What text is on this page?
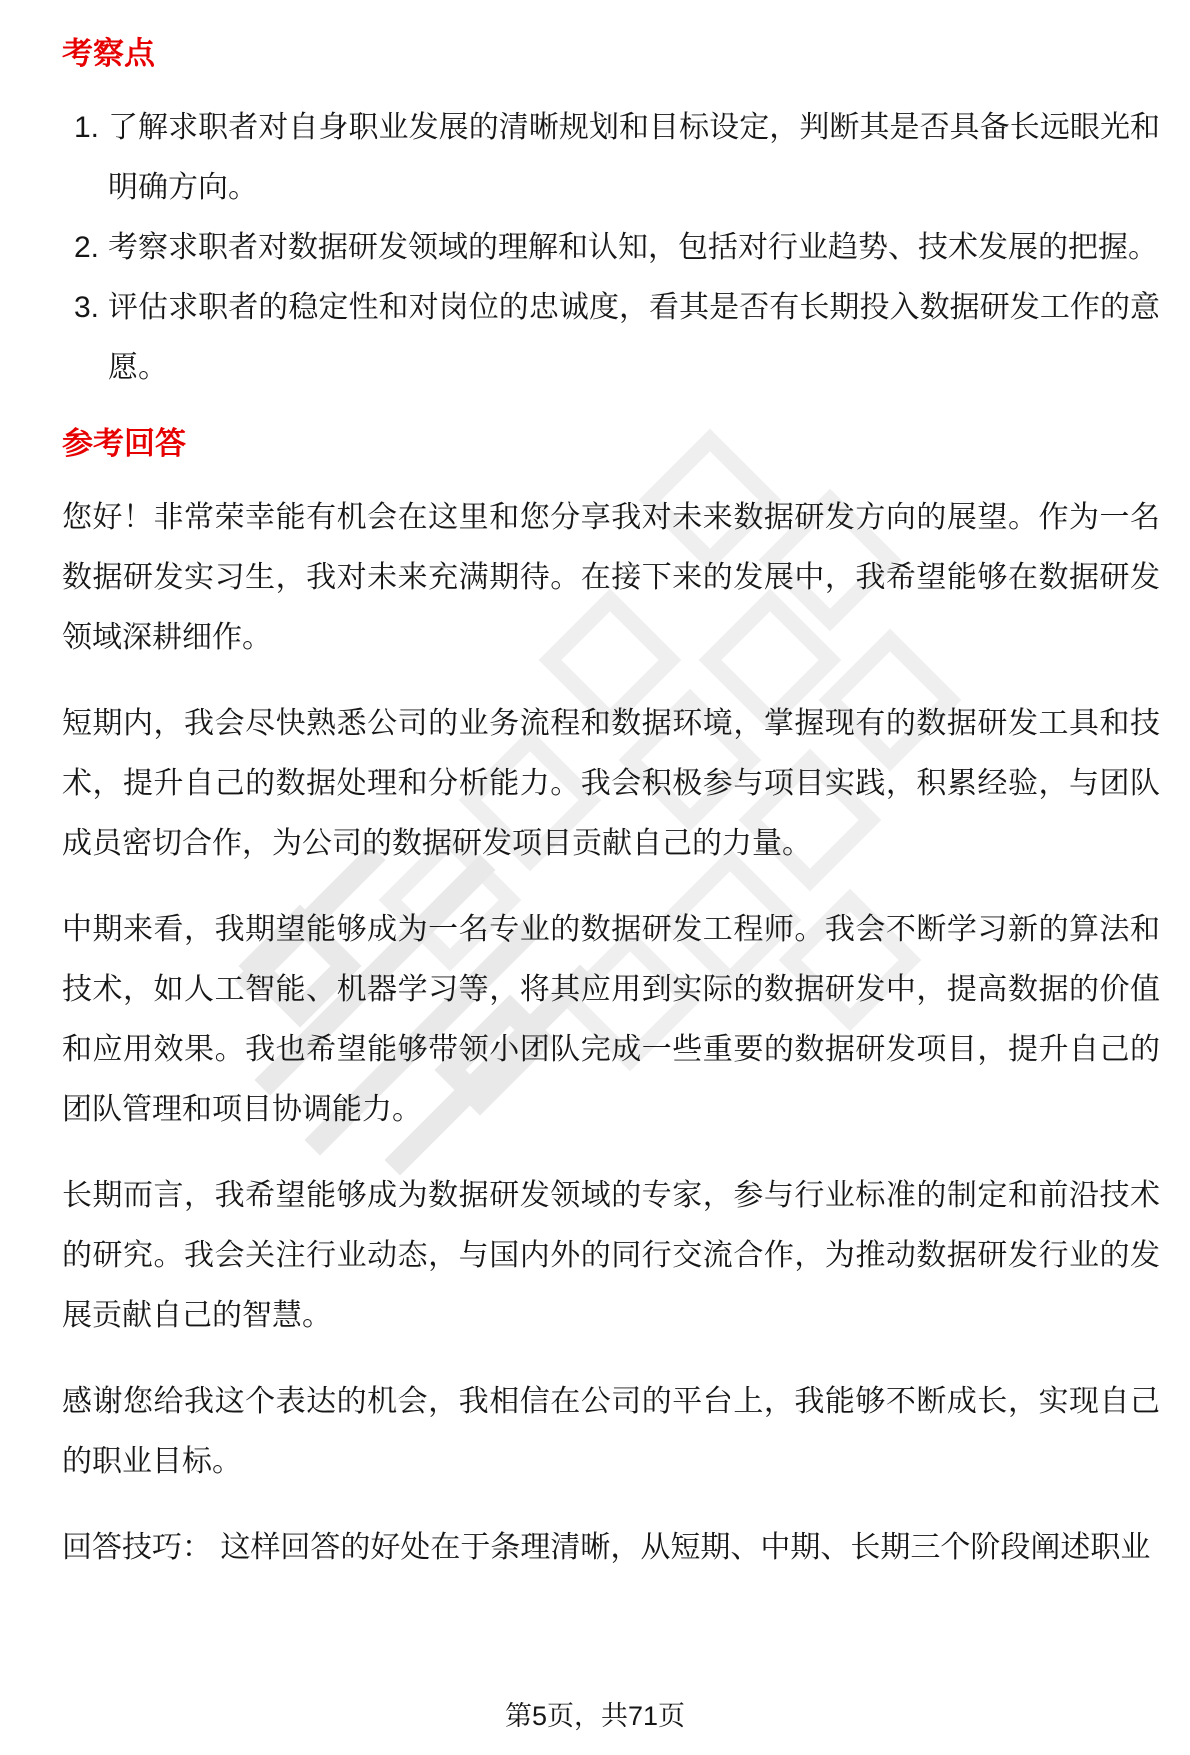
考察点
1. 了解求职者对自身职业发展的清晰规划和目标设定，判断其是否具备长远眼光和明确方向。
2. 考察求职者对数据研发领域的理解和认知，包括对行业趋势、技术发展的把握。
3. 评估求职者的稳定性和对岗位的忠诚度，看其是否有长期投入数据研发工作的意愿。
参考回答

您好！非常荣幸能有机会在这里和您分享我对未来数据研发方向的展望。作为一名数据研发实习生，我对未来充满期待。在接下来的发展中，我希望能够在数据研发领域深耕细作。

短期内，我会尽快熟悉公司的业务流程和数据环境，掌握现有的数据研发工具和技术，提升自己的数据处理和分析能力。我会积极参与项目实践，积累经验，与团队成员密切合作，为公司的数据研发项目贡献自己的力量。

中期来看，我期望能够成为一名专业的数据研发工程师。我会不断学习新的算法和技术，如人工智能、机器学习等，将其应用到实际的数据研发中，提高数据的价值和应用效果。我也希望能够带领小团队完成一些重要的数据研发项目，提升自己的团队管理和项目协调能力。

长期而言，我希望能够成为数据研发领域的专家，参与行业标准的制定和前沿技术的研究。我会关注行业动态，与国内外的同行交流合作，为推动数据研发行业的发展贡献自己的智慧。

感谢您给我这个表达的机会，我相信在公司的平台上，我能够不断成长，实现自己的职业目标。

回答技巧： 这样回答的好处在于条理清晰，从短期、中期、长期三个阶段阐述职业

第5页，共71页
